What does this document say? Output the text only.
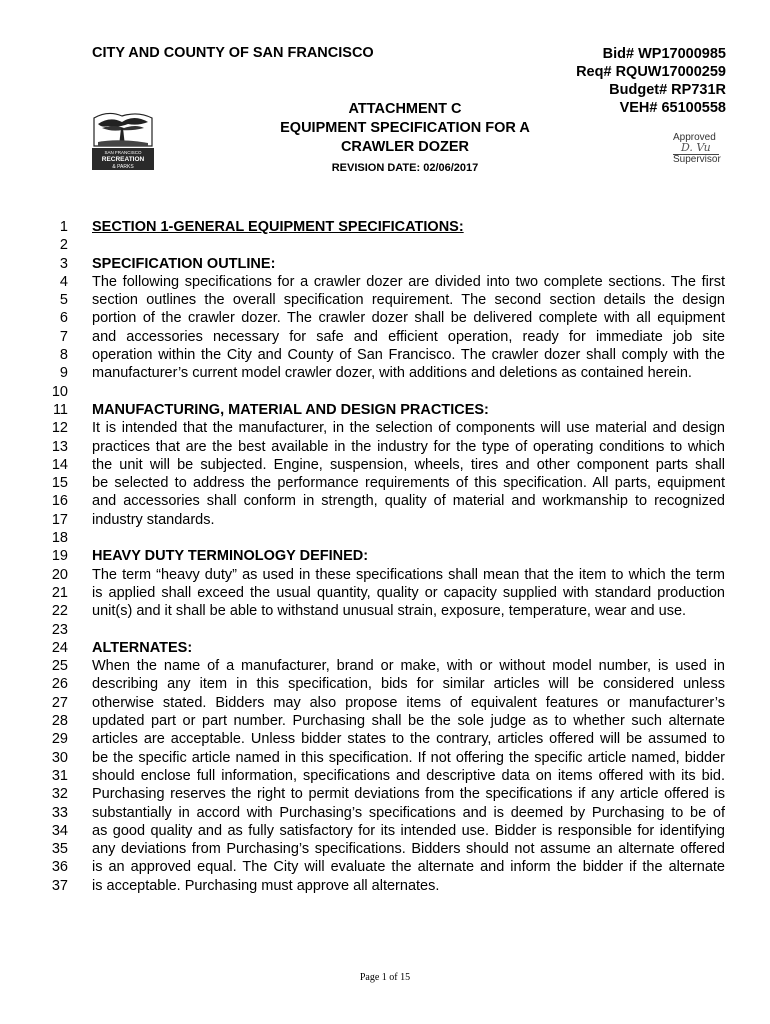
CITY AND COUNTY OF SAN FRANCISCO	Bid# WP17000985
Req# RQUW17000259
Budget# RP731R
VEH# 65100558
SAN FRANCISCO
RECREATION
& PARKS
ATTACHMENT C
EQUIPMENT SPECIFICATION FOR A
CRAWLER DOZER
REVISION DATE: 02/06/2017
Approved
D. Vu
Supervisor
1 SECTION 1-GENERAL EQUIPMENT SPECIFICATIONS:
2
3 SPECIFICATION OUTLINE:
4 The following specifications for a crawler dozer are divided into two complete sections. The first
5 section outlines the overall specification requirement. The second section details the design
6 portion of the crawler dozer. The crawler dozer shall be delivered complete with all equipment
7 and accessories necessary for safe and efficient operation, ready for immediate job site
8 operation within the City and County of San Francisco. The crawler dozer shall comply with the
9 manufacturer’s current model crawler dozer, with additions and deletions as contained herein.
10
11 MANUFACTURING, MATERIAL AND DESIGN PRACTICES:
12 It is intended that the manufacturer, in the selection of components will use material and design
13 practices that are the best available in the industry for the type of operating conditions to which
14 the unit will be subjected. Engine, suspension, wheels, tires and other component parts shall
15 be selected to address the performance requirements of this specification. All parts, equipment
16 and accessories shall conform in strength, quality of material and workmanship to recognized
17 industry standards.
18
19 HEAVY DUTY TERMINOLOGY DEFINED:
20 The term “heavy duty” as used in these specifications shall mean that the item to which the term
21 is applied shall exceed the usual quantity, quality or capacity supplied with standard production
22 unit(s) and it shall be able to withstand unusual strain, exposure, temperature, wear and use.
23
24 ALTERNATES:
25 When the name of a manufacturer, brand or make, with or without model number, is used in
26 describing any item in this specification, bids for similar articles will be considered unless
27 otherwise stated. Bidders may also propose items of equivalent features or manufacturer’s
28 updated part or part number. Purchasing shall be the sole judge as to whether such alternate
29 articles are acceptable. Unless bidder states to the contrary, articles offered will be assumed to
30 be the specific article named in this specification. If not offering the specific article named, bidder
31 should enclose full information, specifications and descriptive data on items offered with its bid.
32 Purchasing reserves the right to permit deviations from the specifications if any article offered is
33 substantially in accord with Purchasing’s specifications and is deemed by Purchasing to be of
34 as good quality and as fully satisfactory for its intended use. Bidder is responsible for identifying
35 any deviations from Purchasing’s specifications. Bidders should not assume an alternate offered
36 is an approved equal. The City will evaluate the alternate and inform the bidder if the alternate
37 is acceptable. Purchasing must approve all alternates.
Page 1 of 15
